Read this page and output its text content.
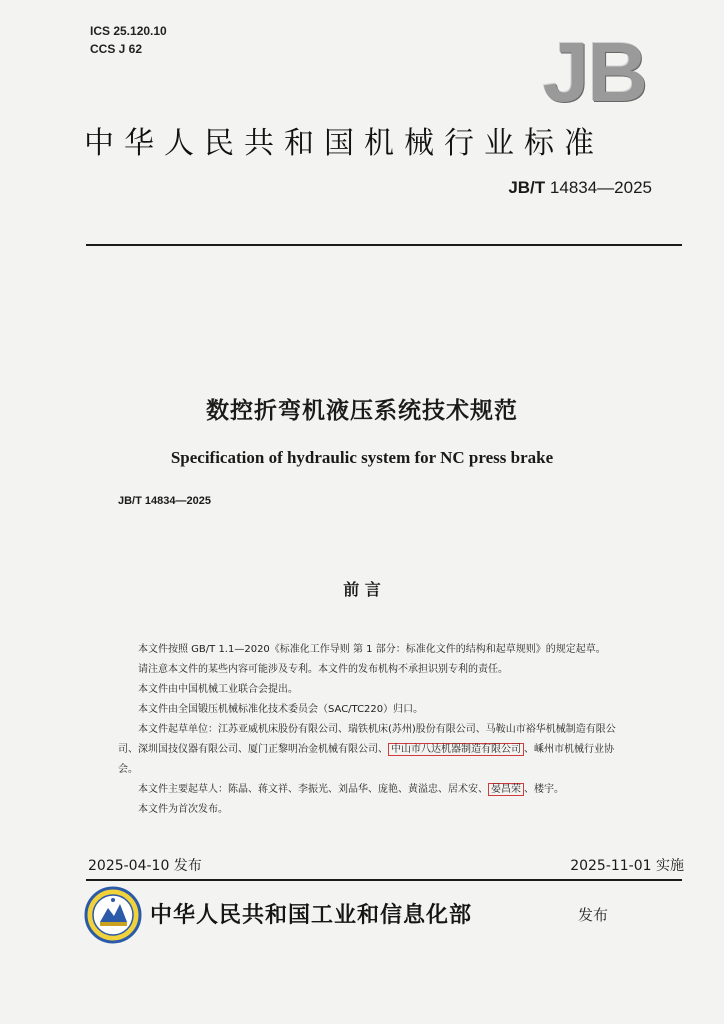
ICS 25.120.10
CCS J 62	JB
中华人民共和国机械行业标准
JB/T 14834—2025
数控折弯机液压系统技术规范
Specification of hydraulic system for NC press brake
JB/T 14834—2025
前 言

本文件按照 GB/T 1.1—2020《标准化工作导则 第 1 部分：标准化文件的结构和起草规则》的规定起草。

请注意本文件的某些内容可能涉及专利。本文件的发布机构不承担识别专利的责任。

本文件由中国机械工业联合会提出。

本文件由全国锻压机械标准化技术委员会（SAC/TC220）归口。

本文件起草单位：江苏亚威机床股份有限公司、瑞铁机床(苏州)股份有限公司、马鞍山市裕华机械制造有限公司、深圳国技仪器有限公司、厦门正黎明冶金机械有限公司、 中山市八达机器制造有限公司 、嵊州市机械行业协会。

本文件主要起草人：陈晶、蒋文祥、李振光、刘品华、庞艳、黄溢忠、居术安、 晏昌荣 、楼宇。

本文件为首次发布。

2025-04-10 发布	2025-11-01 实施
中华人民共和国工业和信息化部	发布
